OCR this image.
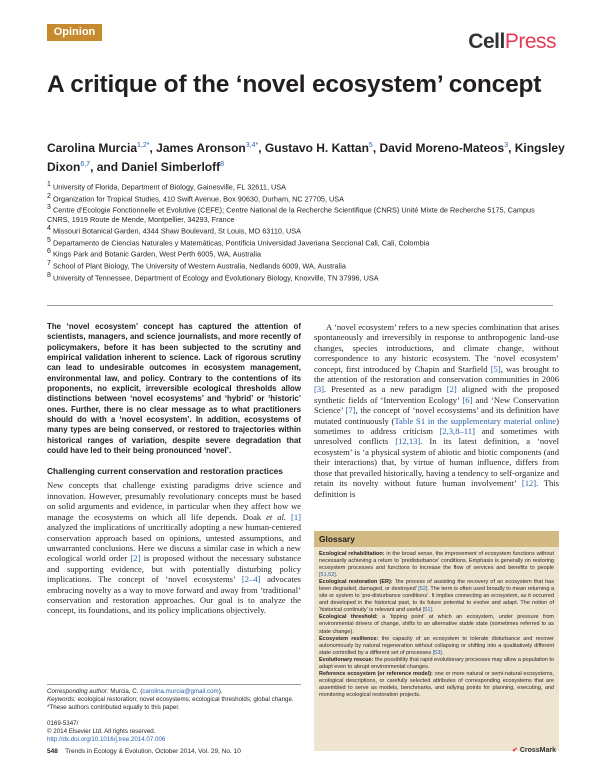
Opinion	CellPress
A critique of the ‘novel ecosystem’ concept
Carolina Murcia$^{1,2*}$, James Aronson$^{3,4*}$, Gustavo H. Kattan$^5$, David Moreno-Mateos$^3$, Kingsley Dixon$^{6,7}$, and Daniel Simberloff$^8$
$^1$ University of Florida, Department of Biology, Gainesville, FL 32611, USA
$^2$ Organization for Tropical Studies, 410 Swift Avenue, Box 90630, Durham, NC 27705, USA
$^3$ Centre d’Ecologie Fonctionnelle et Evolutive (CEFE); Centre National de la Recherche Scientifique (CNRS) Unité Mixte de Recherche 5175, Campus CNRS, 1919 Route de Mende, Montpellier, 34293, France
$^4$ Missouri Botanical Garden, 4344 Shaw Boulevard, St Louis, MO 63110, USA
$^5$ Departamento de Ciencias Naturales y Matemáticas, Pontificia Universidad Javeriana Seccional Cali, Cali, Colombia
$^6$ Kings Park and Botanic Garden, West Perth 6005, WA, Australia
$^7$ School of Plant Biology, The University of Western Australia, Nedlands 6009, WA, Australia
$^8$ University of Tennessee, Department of Ecology and Evolutionary Biology, Knoxville, TN 37996, USA

The ‘novel ecosystem’ concept has captured the attention of scientists, managers, and science journalists, and more recently of policymakers, before it has been subjected to the scrutiny and empirical validation inherent to science. Lack of rigorous scrutiny can lead to undesirable outcomes in ecosystem management, environmental law, and policy. Contrary to the contentions of its proponents, no explicit, irreversible ecological thresholds allow distinctions between ‘novel ecosystems’ and ‘hybrid’ or ‘historic’ ones. Further, there is no clear message as to what practitioners should do with a ‘novel ecosystem’. In addition, ecosystems of many types are being conserved, or restored to trajectories within historical ranges of variation, despite severe degradation that could have led to their being pronounced ‘novel’.

Challenging current conservation and restoration practices

New concepts that challenge existing paradigms drive science and innovation. However, presumably revolutionary concepts must be based on solid arguments and evidence, in particular when they affect how we manage the ecosystems on which all life depends. Doak et al. [1] analyzed the implications of uncritically adopting a new human-centered conservation approach based on opinions, untested assumptions, and unwarranted conclusions. Here we discuss a similar case in which a new ecological world order [2] is proposed without the necessary substance and supporting evidence, but with potentially disturbing policy implications. The concept of ‘novel ecosystems’ [2–4] advocates embracing novelty as a way to move forward and away from ‘traditional’ conservation and restoration approaches. Our goal is to analyze the concept, its foundations, and its policy implications objectively.

Corresponding author: Murcia, C. (carolina.murcia@gmail.com).
Keywords: ecological restoration; novel ecosystems; ecological thresholds; global change.
*These authors contributed equally to this paper.
0169-5347/
© 2014 Elsevier Ltd. All rights reserved.
http://dx.doi.org/10.1016/j.tree.2014.07.006

A ‘novel ecosystem’ refers to a new species combination that arises spontaneously and irreversibly in response to anthropogenic land-use changes, species introductions, and climate change, without correspondence to any historic ecosystem. The ‘novel ecosystem’ concept, first introduced by Chapin and Starfield [5], was brought to the attention of the restoration and conservation communities in 2006 [3]. Presented as a new paradigm [2] aligned with the proposed synthetic fields of ‘Intervention Ecology’ [6] and ‘New Conservation Science’ [7], the concept of ‘novel ecosystems’ and its definition have mutated continuously (Table S1 in the supplementary material online) sometimes to address criticism [2,3,8–11] and sometimes with unresolved conflicts [12,13]. In its latest definition, a ‘novel ecosystem’ is ‘a physical system of abiotic and biotic components (and their interactions) that, by virtue of human influence, differs from those that prevailed historically, having a tendency to self-organize and retain its novelty without future human involvement’ [12]. This definition is

Glossary
Ecological rehabilitation: in the broad sense, the improvement of ecosystem functions without necessarily achieving a return to ‘predisturbance’ conditions. Emphasis is generally on restoring ecosystem processes and functions to increase the flow of services and benefits to people [51,52].
Ecological restoration (ER): ‘the process of assisting the recovery of an ecosystem that has been degraded, damaged, or destroyed’ [52]. The term is often used broadly to mean returning a site or system to ‘pre-disturbance conditions’. It implies connecting an ecosystem, as it occurred and developed in the historical past, to its future potential to evolve and adapt. The notion of ‘historical continuity’ is relevant and useful [51].
Ecological threshold: a ‘tipping point’ at which an ecosystem, under pressure from environmental drivers of change, shifts to an alternative stable state (sometimes referred to as state change).
Ecosystem resilience: the capacity of an ecosystem to tolerate disturbance and recover autonomously by natural regeneration without collapsing or shifting into a qualitatively different state controlled by a different set of processes [53].
Evolutionary rescue: the possibility that rapid evolutionary processes may allow a population to adapt even to abrupt environmental changes.
Reference ecosystem (or reference model): one or more natural or semi-natural ecosystems, ecological descriptions, or carefully selected attributes of corresponding ecosystems that are assembled to serve as models, benchmarks, and rallying points for planning, executing, and monitoring ecological restoration projects.
548 Trends in Ecology & Evolution, October 2014, Vol. 29, No. 10	✔ CrossMark
